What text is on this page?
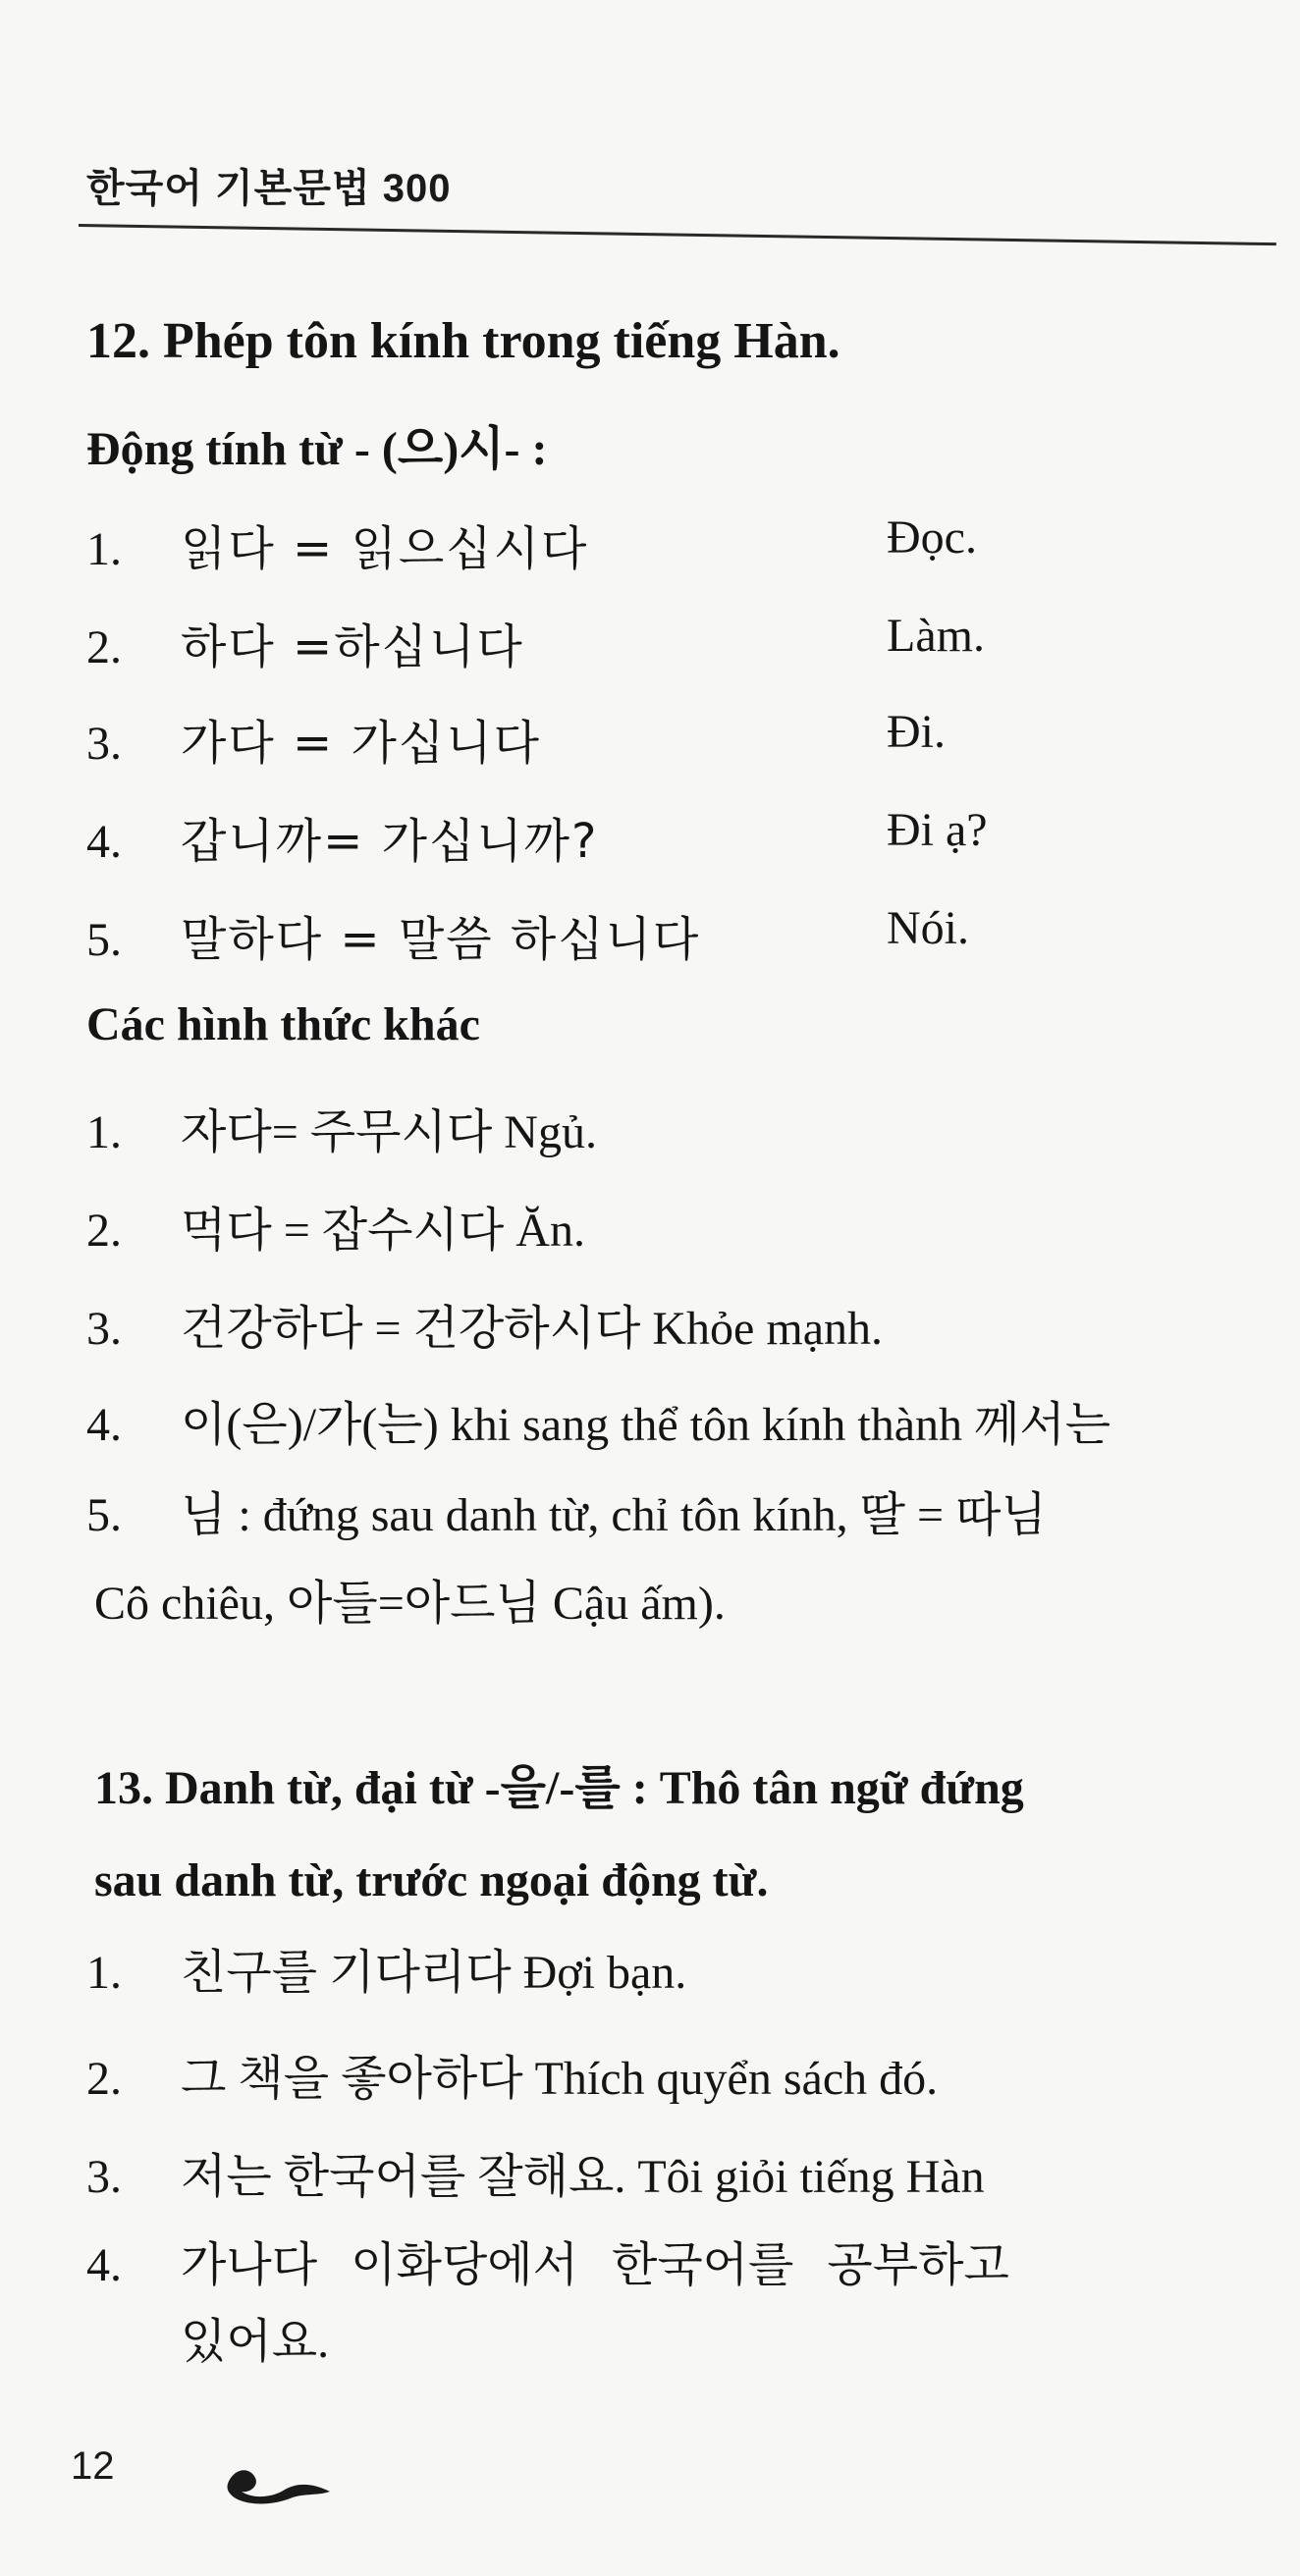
한국어 기본문법 300
12. Phép tôn kính trong tiếng Hàn.
Động tính từ - (으)시- :
1. 읽다 = 읽으십시다	Đọc.
2. 하다 =하십니다	Làm.
3. 가다 = 가십니다	Đi.
4. 갑니까= 가십니까?	Đi ạ?
5. 말하다 = 말씀 하십니다	Nói.
Các hình thức khác
1. 자다= 주무시다 Ngủ.
2. 먹다 = 잡수시다 Ăn.
3. 건강하다 = 건강하시다 Khỏe mạnh.
4. 이(은)/가(는) khi sang thể tôn kính thành 께서는
5. 님 : đứng sau danh từ, chỉ tôn kính, 딸 = 따님
Cô chiêu, 아들=아드님 Cậu ấm).
13. Danh từ, đại từ -을/-를 : Thô tân ngữ đứng
sau danh từ, trước ngoại động từ.
1. 친구를 기다리다 Đợi bạn.
2. 그 책을 좋아하다 Thích quyển sách đó.
3. 저는 한국어를 잘해요. Tôi giỏi tiếng Hàn
4. 가나다 이화당에서 한국어를 공부하고
있어요.
12
